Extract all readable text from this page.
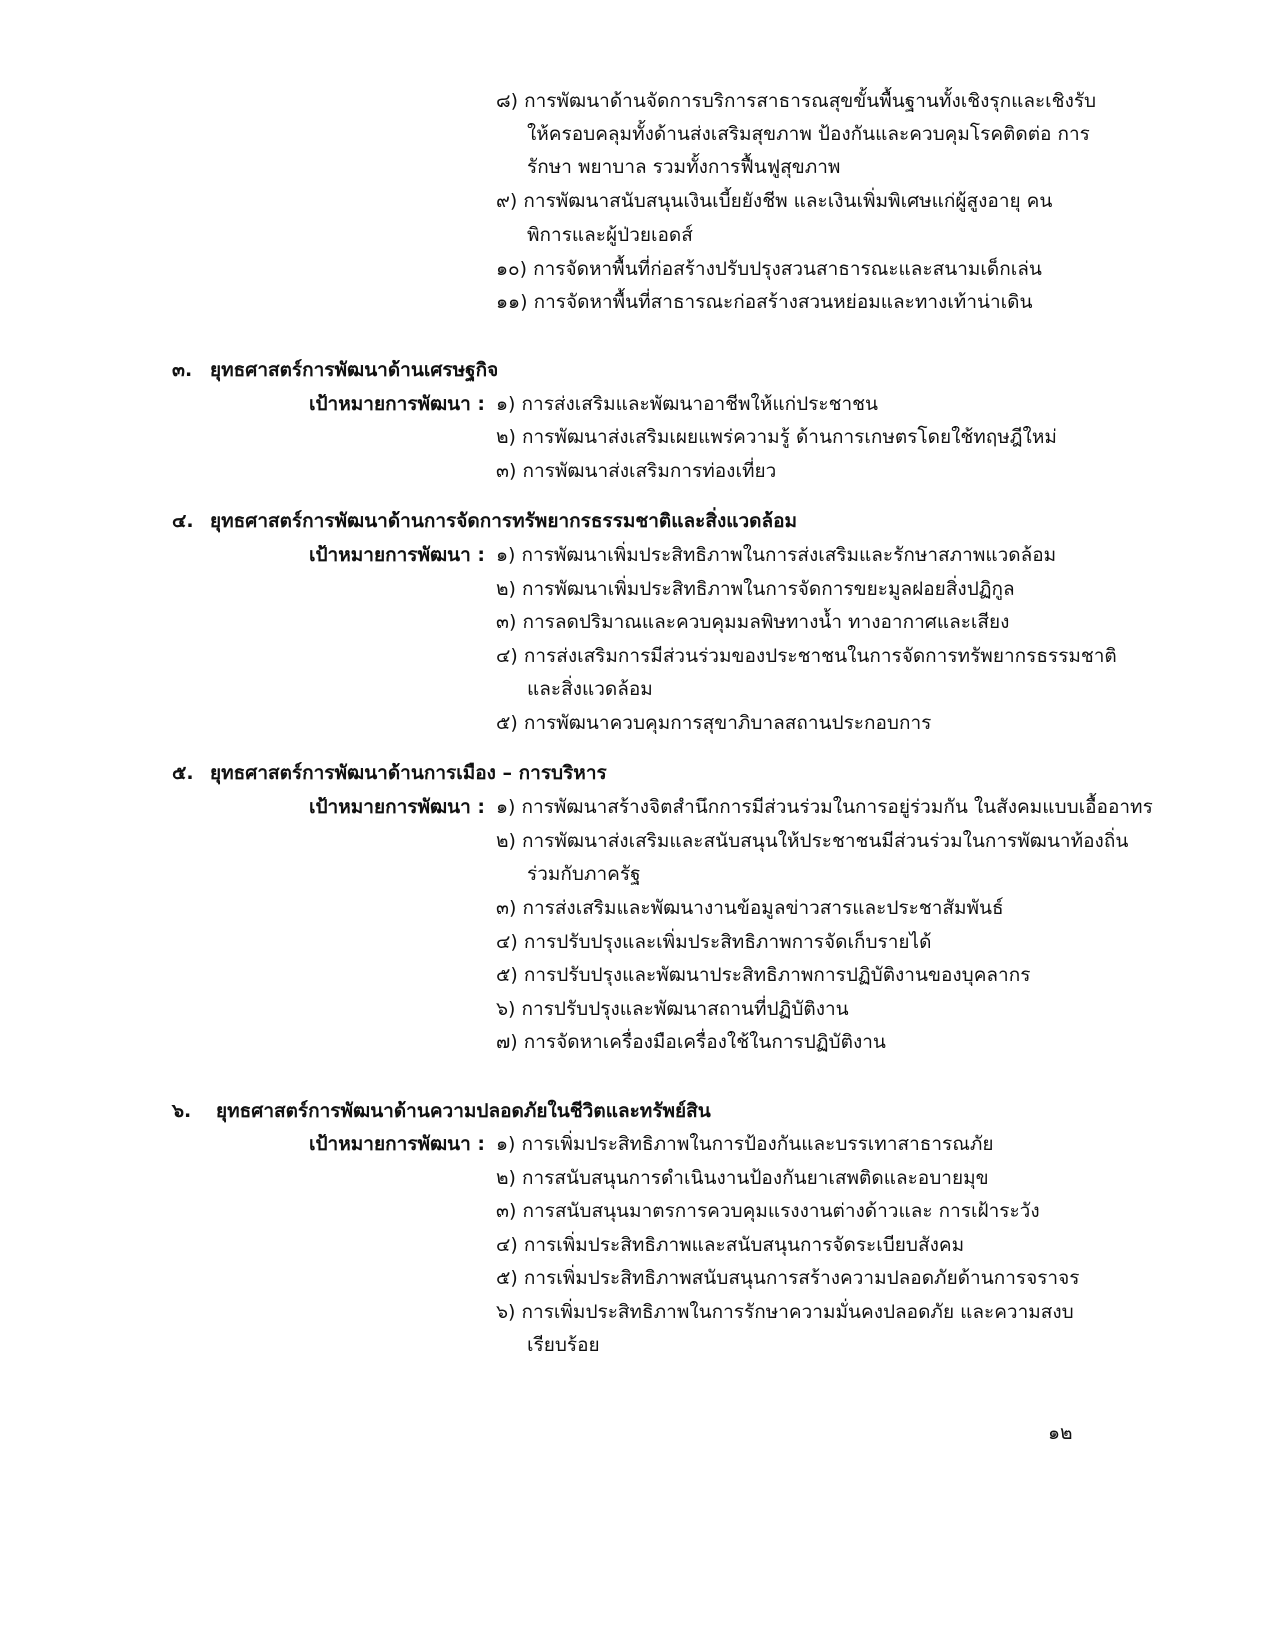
๘) การพัฒนาด้านจัดการบริการสาธารณสุขขั้นพื้นฐานทั้งเชิงรุกและเชิงรับ
ให้ครอบคลุมทั้งด้านส่งเสริมสุขภาพ ป้องกันและควบคุมโรคติดต่อ การ
รักษา พยาบาล รวมทั้งการฟื้นฟูสุขภาพ
๙) การพัฒนาสนับสนุนเงินเบี้ยยังชีพ และเงินเพิ่มพิเศษแก่ผู้สูงอายุ คน
พิการและผู้ป่วยเอดส์
๑๐) การจัดหาพื้นที่ก่อสร้างปรับปรุงสวนสาธารณะและสนามเด็กเล่น
๑๑) การจัดหาพื้นที่สาธารณะก่อสร้างสวนหย่อมและทางเท้าน่าเดิน
๓. ยุทธศาสตร์การพัฒนาด้านเศรษฐกิจ
เป้าหมายการพัฒนา : ๑) การส่งเสริมและพัฒนาอาชีพให้แก่ประชาชน
๒) การพัฒนาส่งเสริมเผยแพร่ความรู้ ด้านการเกษตรโดยใช้ทฤษฎีใหม่
๓) การพัฒนาส่งเสริมการท่องเที่ยว
๔. ยุทธศาสตร์การพัฒนาด้านการจัดการทรัพยากรธรรมชาติและสิ่งแวดล้อม
เป้าหมายการพัฒนา : ๑) การพัฒนาเพิ่มประสิทธิภาพในการส่งเสริมและรักษาสภาพแวดล้อม
๒) การพัฒนาเพิ่มประสิทธิภาพในการจัดการขยะมูลฝอยสิ่งปฏิกูล
๓) การลดปริมาณและควบคุมมลพิษทางน้ำ ทางอากาศและเสียง
๔) การส่งเสริมการมีส่วนร่วมของประชาชนในการจัดการทรัพยากรธรรมชาติ
และสิ่งแวดล้อม
๕) การพัฒนาควบคุมการสุขาภิบาลสถานประกอบการ
๕. ยุทธศาสตร์การพัฒนาด้านการเมือง – การบริหาร
เป้าหมายการพัฒนา : ๑) การพัฒนาสร้างจิตสำนึกการมีส่วนร่วมในการอยู่ร่วมกัน ในสังคมแบบเอื้ออาทร
๒) การพัฒนาส่งเสริมและสนับสนุนให้ประชาชนมีส่วนร่วมในการพัฒนาท้องถิ่น
ร่วมกับภาครัฐ
๓) การส่งเสริมและพัฒนางานข้อมูลข่าวสารและประชาสัมพันธ์
๔) การปรับปรุงและเพิ่มประสิทธิภาพการจัดเก็บรายได้
๕) การปรับปรุงและพัฒนาประสิทธิภาพการปฏิบัติงานของบุคลากร
๖) การปรับปรุงและพัฒนาสถานที่ปฏิบัติงาน
๗) การจัดหาเครื่องมือเครื่องใช้ในการปฏิบัติงาน
๖. ยุทธศาสตร์การพัฒนาด้านความปลอดภัยในชีวิตและทรัพย์สิน
เป้าหมายการพัฒนา : ๑) การเพิ่มประสิทธิภาพในการป้องกันและบรรเทาสาธารณภัย
๒) การสนับสนุนการดำเนินงานป้องกันยาเสพติดและอบายมุข
๓) การสนับสนุนมาตรการควบคุมแรงงานต่างด้าวและ การเฝ้าระวัง
๔) การเพิ่มประสิทธิภาพและสนับสนุนการจัดระเบียบสังคม
๕) การเพิ่มประสิทธิภาพสนับสนุนการสร้างความปลอดภัยด้านการจราจร
๖) การเพิ่มประสิทธิภาพในการรักษาความมั่นคงปลอดภัย และความสงบ
เรียบร้อย
๑๒
